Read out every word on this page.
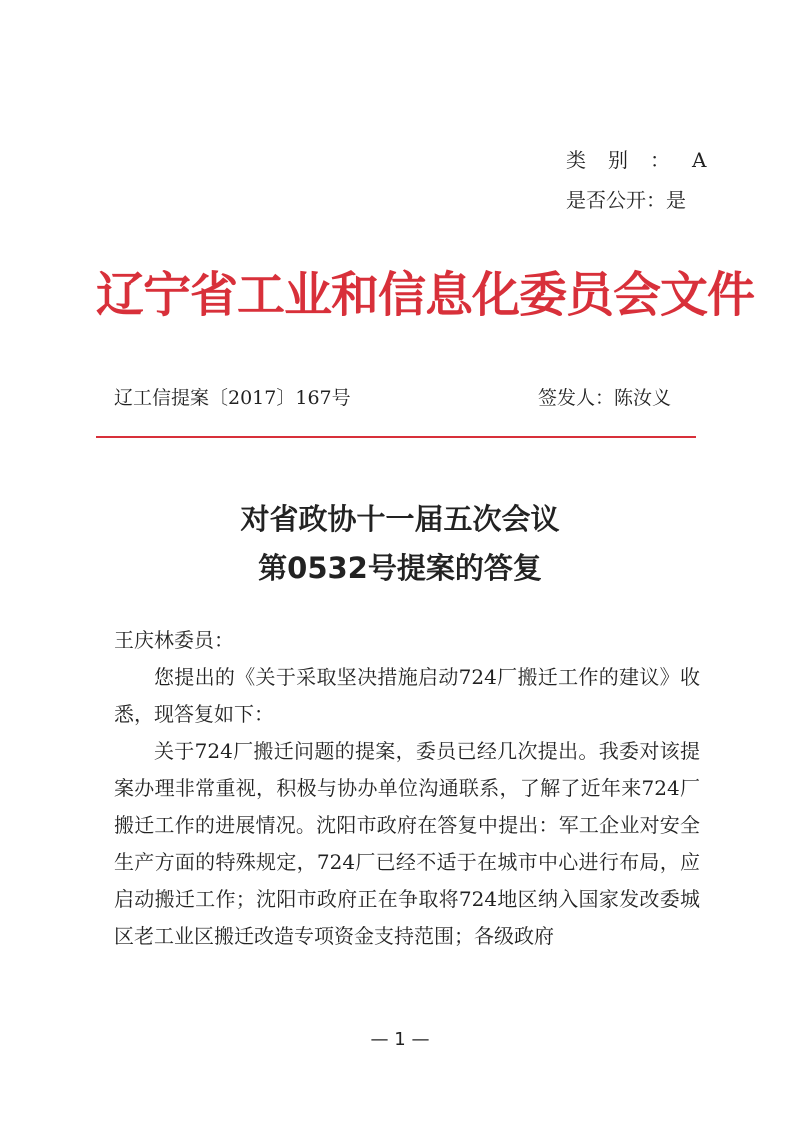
类别：A
是否公开：是
辽宁省工业和信息化委员会文件
辽工信提案〔2017〕167号	签发人：陈汝义
对省政协十一届五次会议
第0532号提案的答复

王庆林委员：

您提出的《关于采取坚决措施启动724厂搬迁工作的建议》收悉，现答复如下：

关于724厂搬迁问题的提案，委员已经几次提出。我委对该提案办理非常重视，积极与协办单位沟通联系，了解了近年来724厂搬迁工作的进展情况。沈阳市政府在答复中提出：军工企业对安全生产方面的特殊规定，724厂已经不适于在城市中心进行布局，应启动搬迁工作；沈阳市政府正在争取将724地区纳入国家发改委城区老工业区搬迁改造专项资金支持范围；各级政府

— 1 —
